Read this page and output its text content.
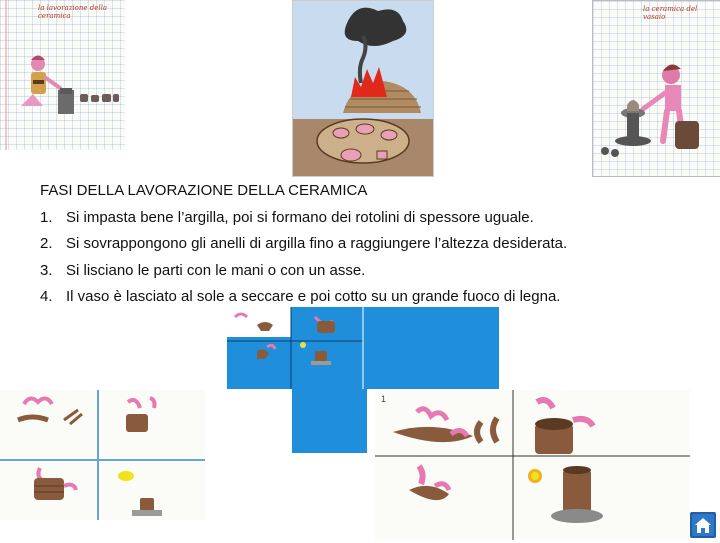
la lavorazione della ceramica
la ceramica del vasaio
FASI DELLA LAVORAZIONE DELLA CERAMICA
1. Si impasta bene l’argilla, poi si formano dei rotolini di spessore uguale.
2. Si sovrappongono gli anelli di argilla fino a raggiungere l’altezza desiderata.
3. Si lisciano le parti con le mani o con un asse.
4. Il vaso è lasciato al sole a seccare e poi cotto su un grande fuoco di legna.
1
